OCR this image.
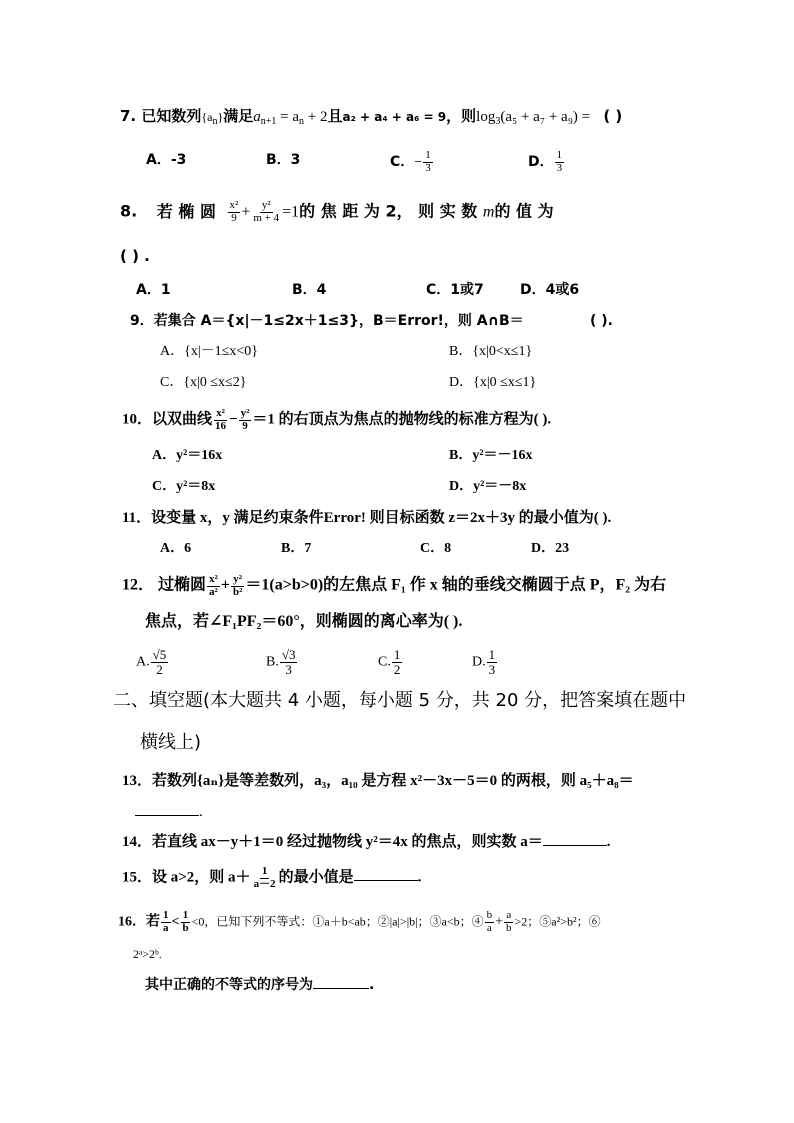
7. 已知数列$\{a_n\}$满足$a_{n+1} = a_n + 2$且a₂ + a₄ + a₆ = 9，则$\log_3(a_5 + a_7 + a_9)$ = ( )
A．-3	B．3	C．− $\frac{1}{3}$	D． $\frac{1}{3}$
8. 若 椭 圆 $\frac{\text{x²}}{9} + \frac{\text{y²}}{m + 4} =1$的 焦 距 为 2， 则 实 数 m的 值 为
( ) .
A．1	B．4	C．1或7	D．4或6
9．若集合 A＝{x|－1≤2x＋1≤3}，B＝Error!，则 A∩B＝	( ).
A．{x|－1≤x<0}	B．{x|0<x≤1}
C．{x|0 ≤x≤2}	D．{x|0 ≤x≤1}
10．以双曲线 $\frac{\text{x²}}{16} - \frac{\text{y²}}{9} =1$ 的右顶点为焦点的抛物线的标准方程为( ).
A．y²＝16x	B．y²＝－16x
C．y²＝8x	D．y²＝－8x
11．设变量 x，y 满足约束条件Error! 则目标函数 z＝2x＋3y 的最小值为( ).
A．6	B．7	C．8	D．23
12． 过椭圆 $\frac{\text{x²}}{\text{a²}} + \frac{\text{y²}}{\text{b²}} =1(a>b>0)$的左焦点 F₁ 作 x 轴的垂线交椭圆于点 P，F₂ 为右
焦点，若∠F₁PF₂＝60°，则椭圆的离心率为( ).
A. $\frac{√5}{2}$	B. $\frac{√3}{3}$	C. $\frac{1}{2}$	D. $\frac{1}{3}$
二、填空题(本大题共 4 小题，每小题 5 分，共 20 分，把答案填在题中
横线上)
13．若数列{aₙ}是等差数列，a₃，a₁₀ 是方程 x²－3x－5＝0 的两根，则 a₅＋a₈＝
.
14．若直线 ax－y＋1＝0 经过抛物线 y²＝4x 的焦点，则实数 a＝	.
15．设 a>2，则 $a+ \frac{1}{a-2}$ 的最小值是	.
16．若 $\frac{1}{a} < \frac{1}{b} <0$，已知下列不等式：①a＋b<ab；②|a|>|b|；③a<b；④ $\frac{b}{a} + \frac{a}{b} >2$；⑤a²>b²；⑥
2ᵃ>2ᵇ.
其中正确的不等式的序号为	.
